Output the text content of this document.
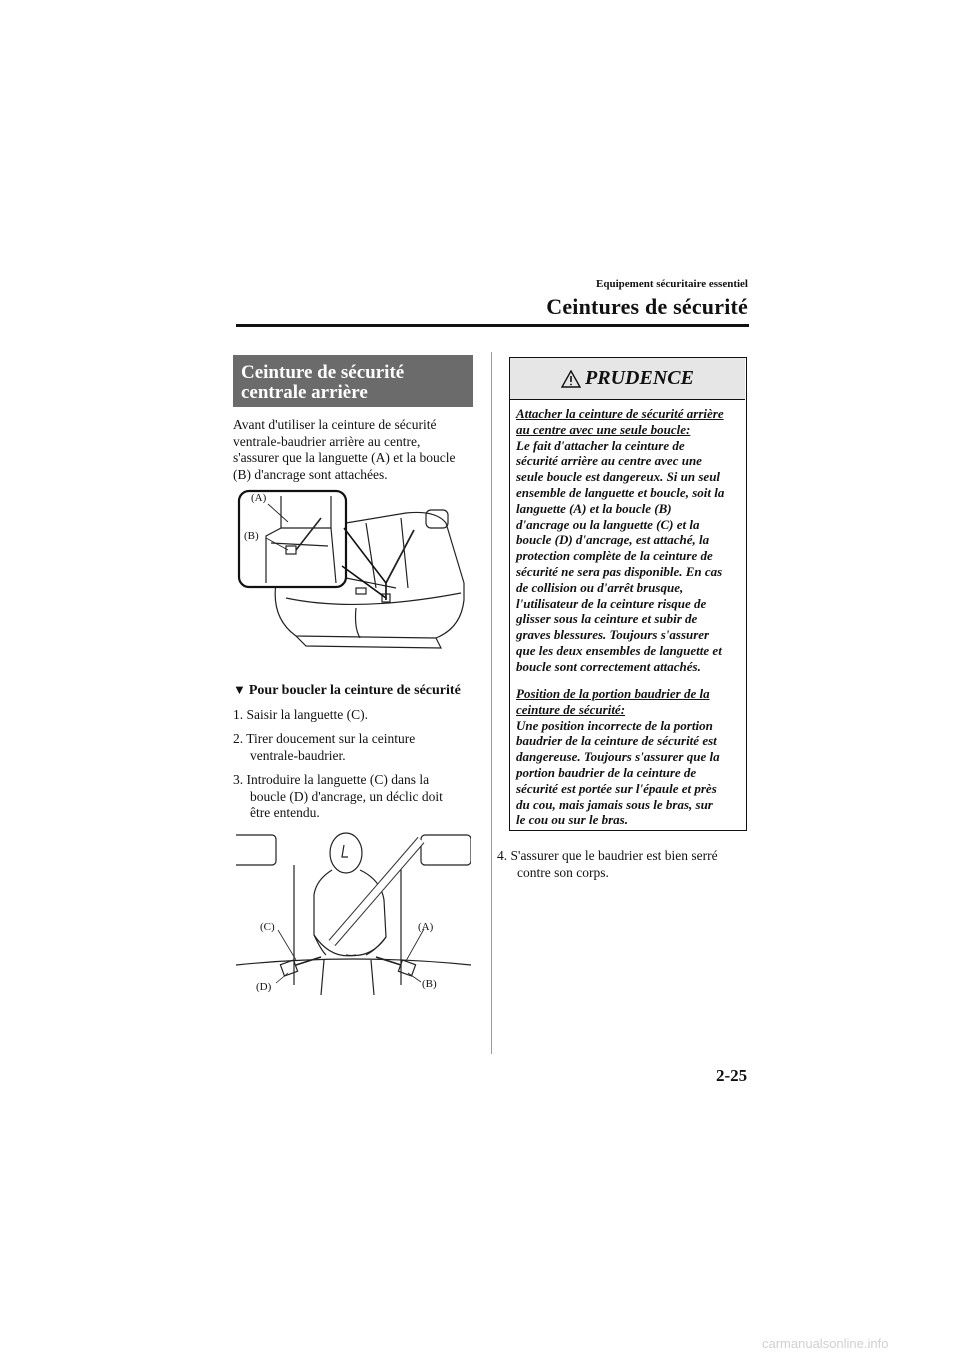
Equipement sécuritaire essentiel
Ceintures de sécurité
Ceinture de sécurité
centrale arrière
Avant d'utiliser la ceinture de sécurité
ventrale-baudrier arrière au centre,
s'assurer que la languette (A) et la boucle
(B) d'ancrage sont attachées.
(A)
(B)
▼ Pour boucler la ceinture de sécurité
1. Saisir la languette (C).
2. Tirer doucement sur la ceinture
ventrale-baudrier.
3. Introduire la languette (C) dans la
boucle (D) d'ancrage, un déclic doit
être entendu.
(C)	(A)
(D)	(B)
PRUDENCE
Attacher la ceinture de sécurité arrière
au centre avec une seule boucle:
Le fait d'attacher la ceinture de
sécurité arrière au centre avec une
seule boucle est dangereux. Si un seul
ensemble de languette et boucle, soit la
languette (A) et la boucle (B)
d'ancrage ou la languette (C) et la
boucle (D) d'ancrage, est attaché, la
protection complète de la ceinture de
sécurité ne sera pas disponible. En cas
de collision ou d'arrêt brusque,
l'utilisateur de la ceinture risque de
glisser sous la ceinture et subir de
graves blessures. Toujours s'assurer
que les deux ensembles de languette et
boucle sont correctement attachés.
Position de la portion baudrier de la
ceinture de sécurité:
Une position incorrecte de la portion
baudrier de la ceinture de sécurité est
dangereuse. Toujours s'assurer que la
portion baudrier de la ceinture de
sécurité est portée sur l'épaule et près
du cou, mais jamais sous le bras, sur
le cou ou sur le bras.
4. S'assurer que le baudrier est bien serré
contre son corps.
2-25
carmanualsonline.info
